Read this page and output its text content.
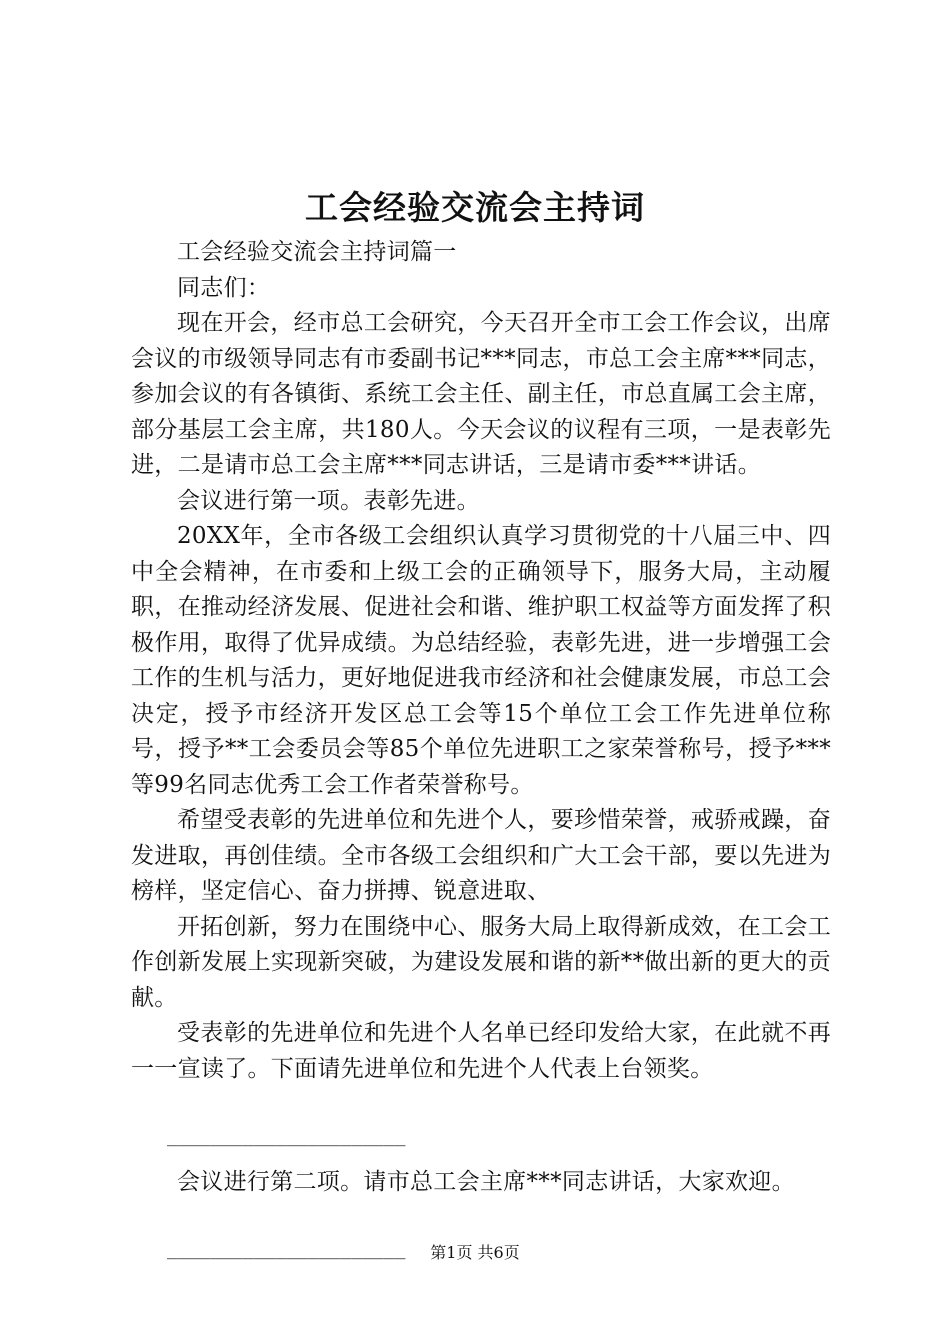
工会经验交流会主持词

工会经验交流会主持词篇一

同志们：

现在开会，经市总工会研究，今天召开全市工会工作会议，出席会议的市级领导同志有市委副书记***同志，市总工会主席***同志，参加会议的有各镇街、系统工会主任、副主任，市总直属工会主席，部分基层工会主席，共180人。今天会议的议程有三项，一是表彰先进，二是请市总工会主席***同志讲话，三是请市委***讲话。

会议进行第一项。表彰先进。

20XX年，全市各级工会组织认真学习贯彻党的十八届三中、四中全会精神，在市委和上级工会的正确领导下，服务大局，主动履职，在推动经济发展、促进社会和谐、维护职工权益等方面发挥了积极作用，取得了优异成绩。为总结经验，表彰先进，进一步增强工会工作的生机与活力，更好地促进我市经济和社会健康发展，市总工会决定，授予市经济开发区总工会等15个单位工会工作先进单位称号，授予**工会委员会等85个单位先进职工之家荣誉称号，授予***等99名同志优秀工会工作者荣誉称号。

希望受表彰的先进单位和先进个人，要珍惜荣誉，戒骄戒躁，奋发进取，再创佳绩。全市各级工会组织和广大工会干部，要以先进为榜样，坚定信心、奋力拼搏、锐意进取、

开拓创新，努力在围绕中心、服务大局上取得新成效，在工会工作创新发展上实现新突破，为建设发展和谐的新**做出新的更大的贡献。

受表彰的先进单位和先进个人名单已经印发给大家，在此就不再一一宣读了。下面请先进单位和先进个人代表上台领奖。

______________________

会议进行第二项。请市总工会主席***同志讲话，大家欢迎。

______________________	第1页 共6页
